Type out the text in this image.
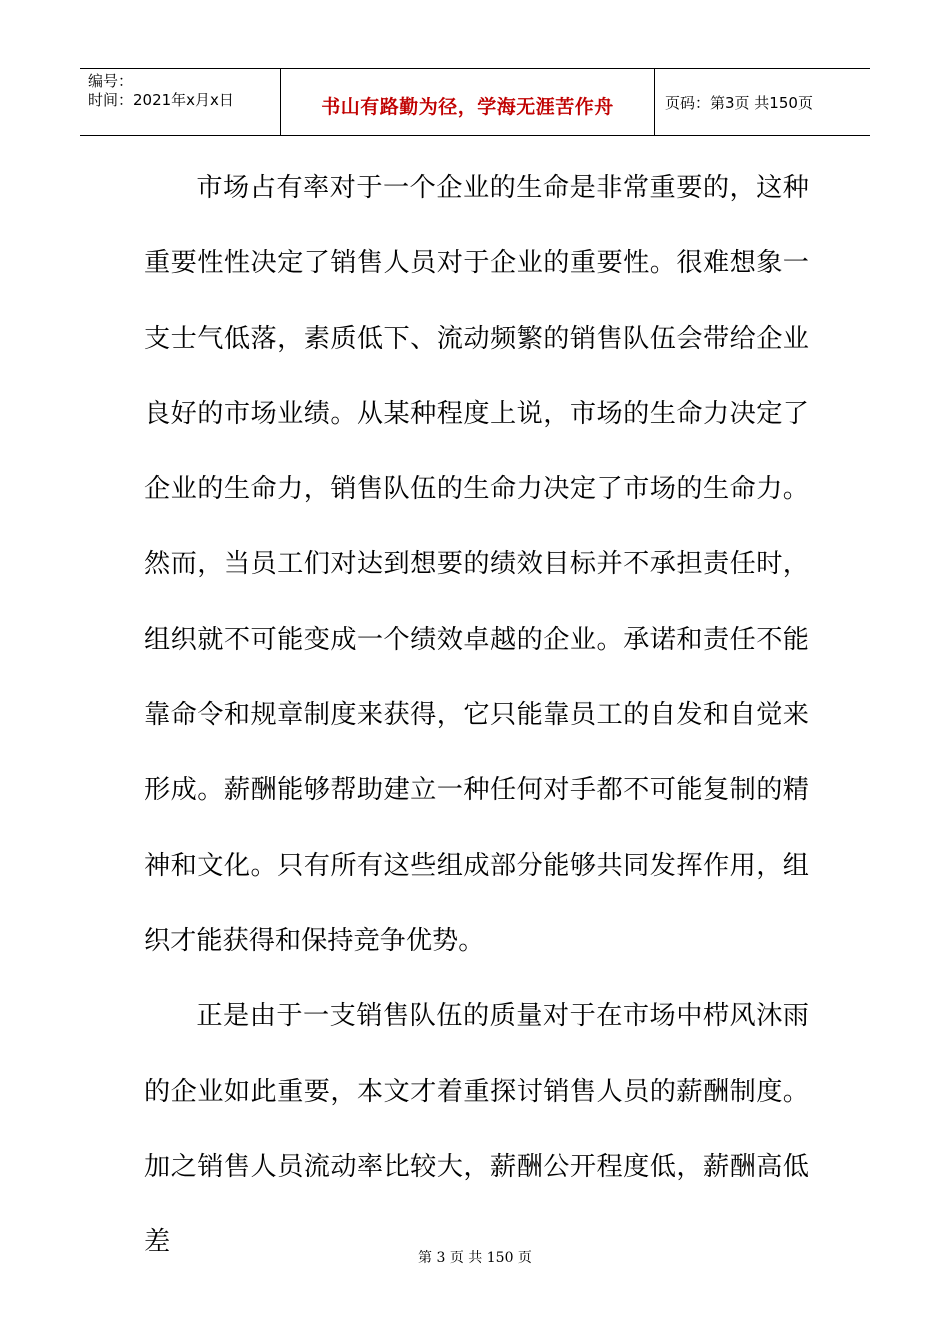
编号：
时间：2021年x月x日	书山有路勤为径，学海无涯苦作舟	页码：第3页 共150页

市场占有率对于一个企业的生命是非常重要的，这种重要性性决定了销售人员对于企业的重要性。很难想象一支士气低落，素质低下、流动频繁的销售队伍会带给企业良好的市场业绩。从某种程度上说，市场的生命力决定了企业的生命力，销售队伍的生命力决定了市场的生命力。然而，当员工们对达到想要的绩效目标并不承担责任时，组织就不可能变成一个绩效卓越的企业。承诺和责任不能靠命令和规章制度来获得，它只能靠员工的自发和自觉来形成。薪酬能够帮助建立一种任何对手都不可能复制的精神和文化。只有所有这些组成部分能够共同发挥作用，组织才能获得和保持竞争优势。

正是由于一支销售队伍的质量对于在市场中栉风沐雨的企业如此重要，本文才着重探讨销售人员的薪酬制度。加之销售人员流动率比较大，薪酬公开程度低，薪酬高低差

第 3 页 共 150 页
